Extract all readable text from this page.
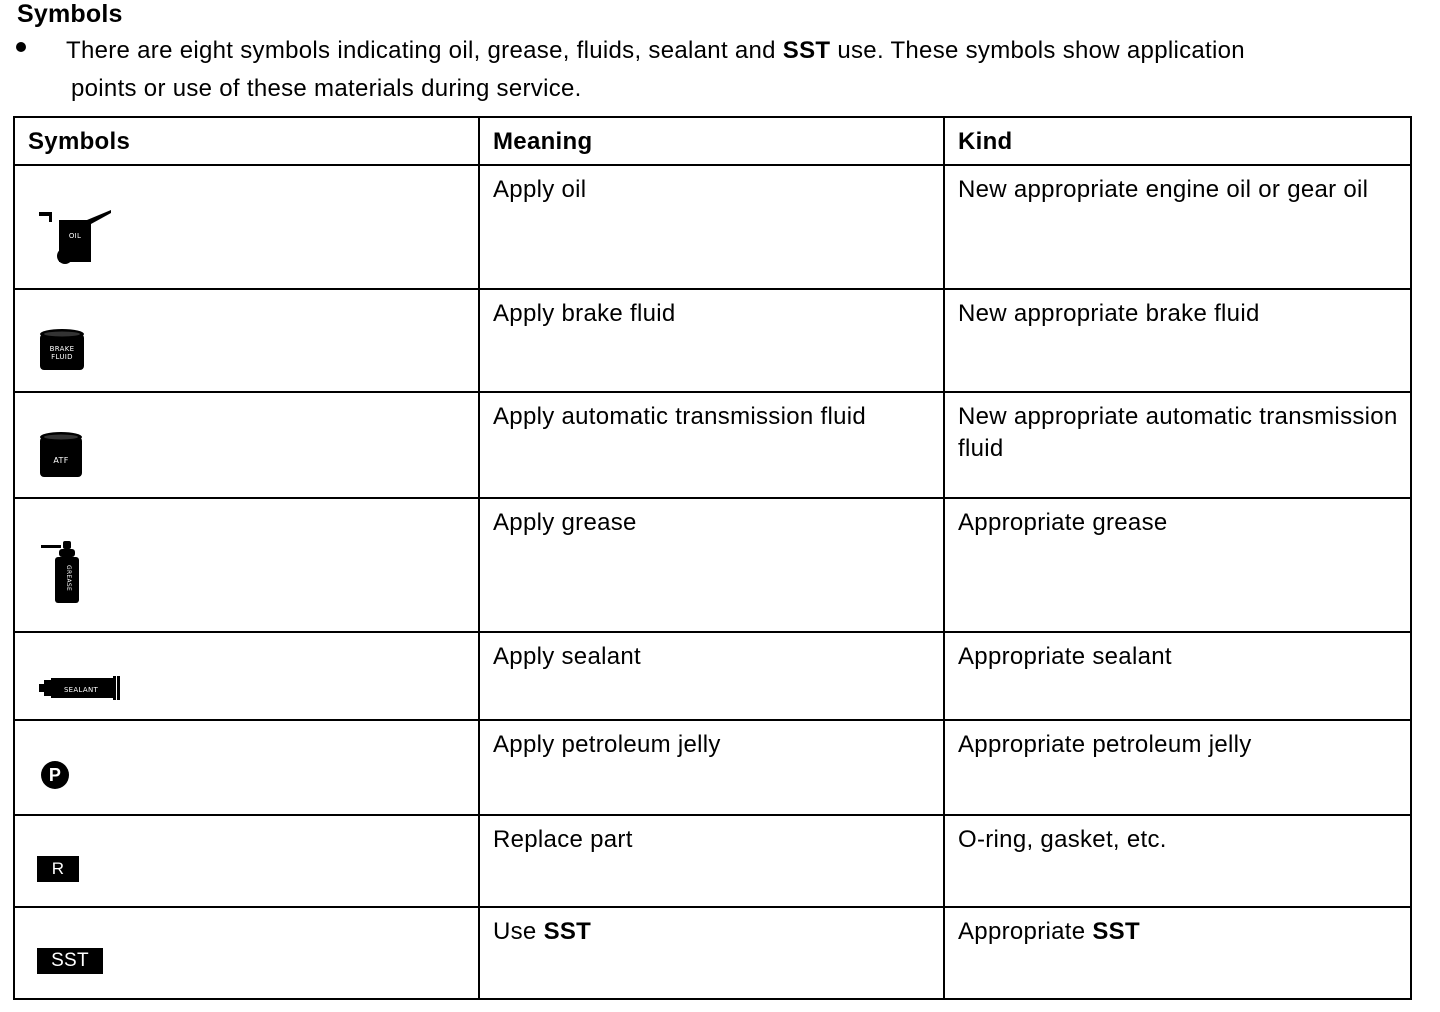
Symbols
There are eight symbols indicating oil, grease, fluids, sealant and SST use. These symbols show application
points or use of these materials during service.
Symbols	Meaning	Kind

OIL	Apply oil	New appropriate engine oil or gear oil

BRAKE
FLUID	Apply brake fluid	New appropriate brake fluid

ATF	Apply automatic transmission fluid	New appropriate automatic transmission fluid

GREASE	Apply grease	Appropriate grease

SEALANT	Apply sealant	Appropriate sealant

P	Apply petroleum jelly	Appropriate petroleum jelly

R	Replace part	O-ring, gasket, etc.

SST	Use SST	Appropriate SST
